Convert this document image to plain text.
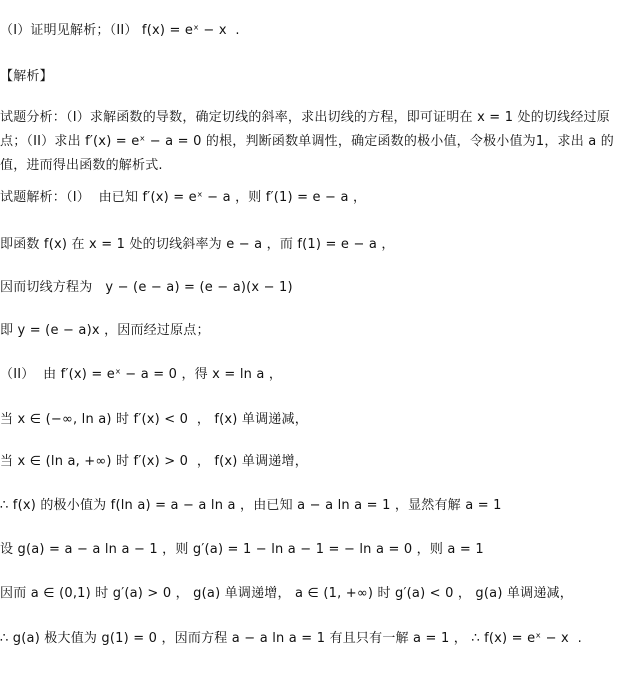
（I）证明见解析；（II） f(x) = eˣ − x  .
【解析】
试题分析：（I）求解函数的导数，确定切线的斜率，求出切线的方程，即可证明在 x = 1 处的切线经过原点；（II）求出 f′(x) = eˣ − a = 0 的根，判断函数单调性，确定函数的极小值，令极小值为1，求出 a 的值，进而得出函数的解析式.
试题解析：（I）  由已知 f′(x) = eˣ − a ，则 f′(1) = e − a ，
即函数 f(x) 在 x = 1 处的切线斜率为 e − a ，而 f(1) = e − a ，
因而切线方程为   y − (e − a) = (e − a)(x − 1)
即 y = (e − a)x ，因而经过原点；
（II）  由 f′(x) = eˣ − a = 0 ，得 x = ln a ，
当 x ∈ (−∞, ln a) 时 f′(x) < 0  ， f(x) 单调递减，
当 x ∈ (ln a, +∞) 时 f′(x) > 0  ， f(x) 单调递增，
∴ f(x) 的极小值为 f(ln a) = a − a ln a ，由已知 a − a ln a = 1 ，显然有解 a = 1
设 g(a) = a − a ln a − 1 ，则 g′(a) = 1 − ln a − 1 = − ln a = 0 ，则 a = 1
因而 a ∈ (0,1) 时 g′(a) > 0 ， g(a) 单调递增， a ∈ (1, +∞) 时 g′(a) < 0 ， g(a) 单调递减，
∴ g(a) 极大值为 g(1) = 0 ，因而方程 a − a ln a = 1 有且只有一解 a = 1 ， ∴ f(x) = eˣ − x  .
